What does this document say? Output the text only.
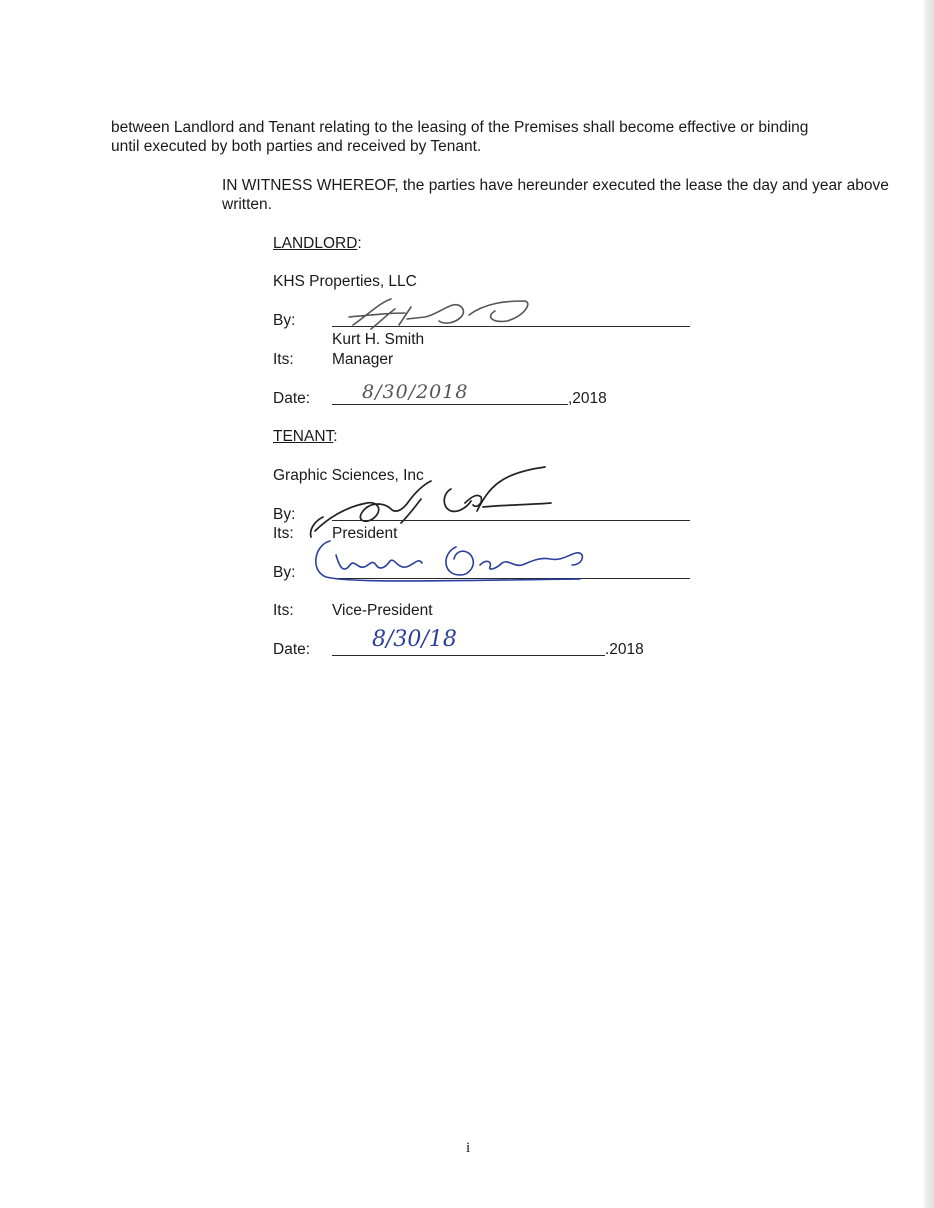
between Landlord and Tenant relating to the leasing of the Premises shall become effective or binding until executed by both parties and received by Tenant.

IN WITNESS WHEREOF, the parties have hereunder executed the lease the day and year above written.

LANDLORD:
KHS Properties, LLC
By:
Kurt H. Smith
Its: Manager
Date:	8/30/2018	,2018
TENANT:
Graphic Sciences, Inc
By:
Its: President
By:
Its: Vice-President
Date:	8/30/18	.2018
i
